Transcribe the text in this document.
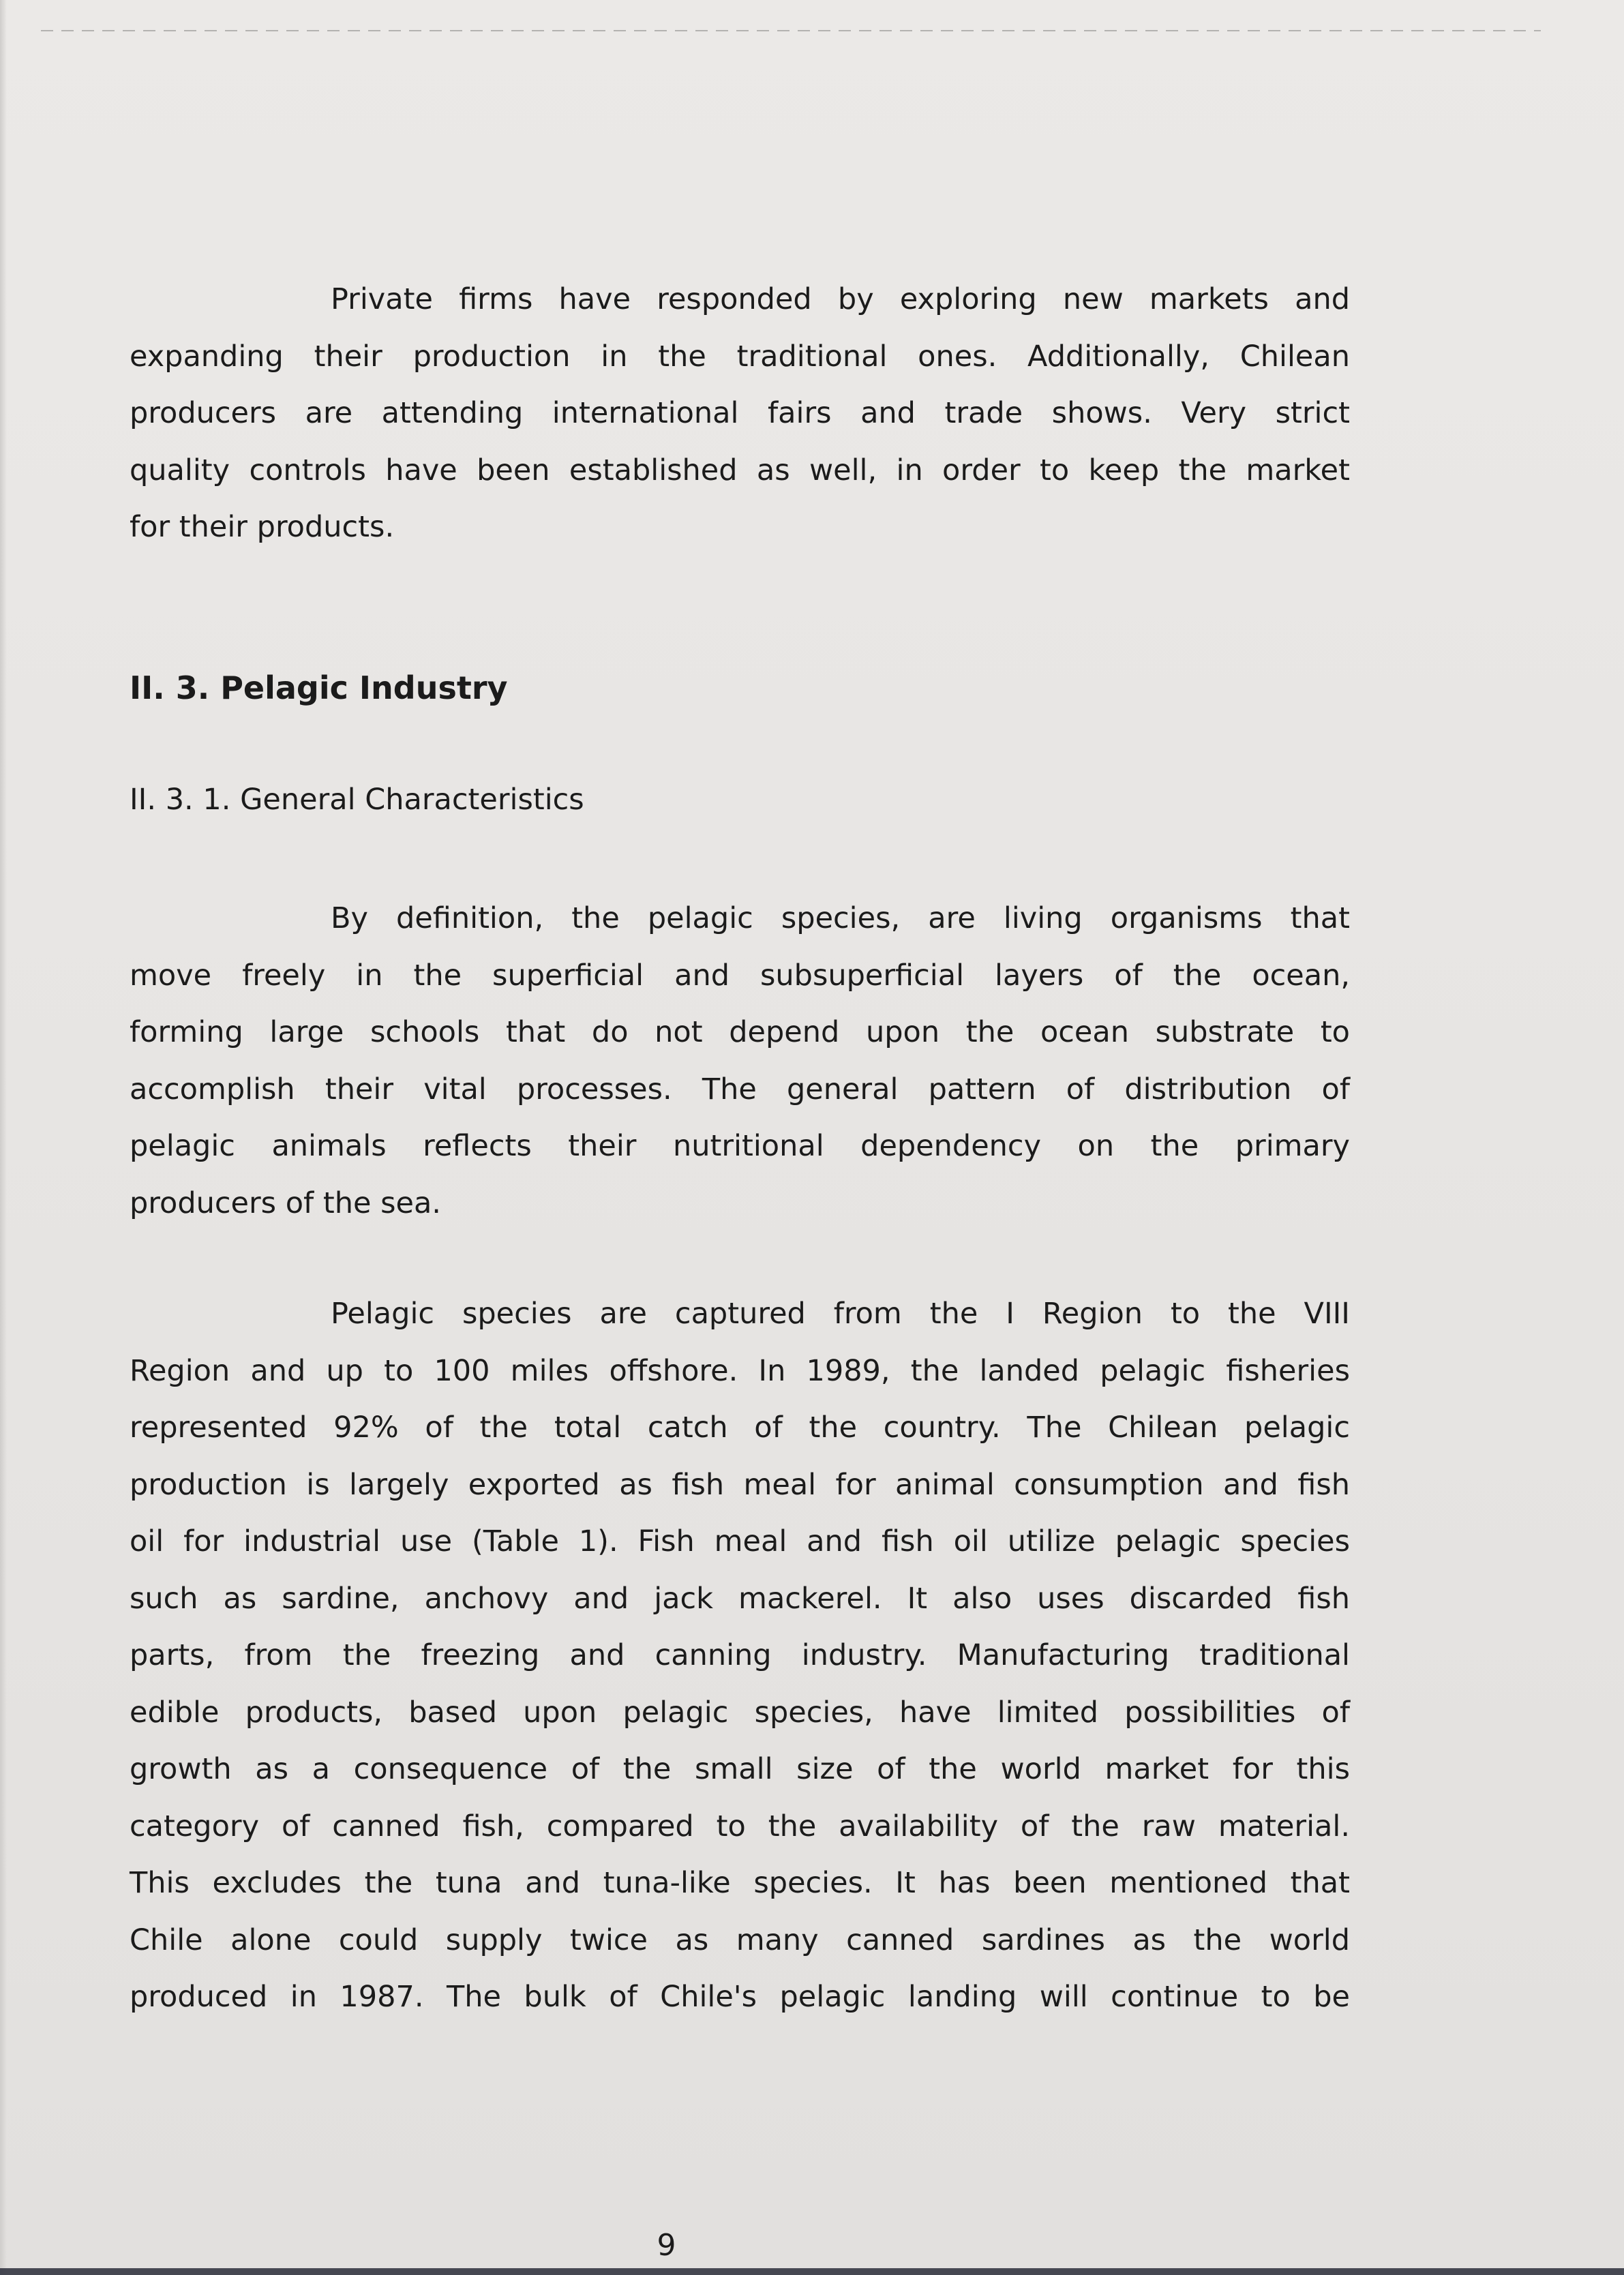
Private firms have responded by exploring new markets and
expanding their production in the traditional ones. Additionally, Chilean
producers are attending international fairs and trade shows. Very strict
quality controls have been established as well, in order to keep the market
for their products.

II. 3. Pelagic Industry
II. 3. 1. General Characteristics

By definition, the pelagic species, are living organisms that
move freely in the superficial and subsuperficial layers of the ocean,
forming large schools that do not depend upon the ocean substrate to
accomplish their vital processes. The general pattern of distribution of
pelagic animals reflects their nutritional dependency on the primary
producers of the sea.

Pelagic species are captured from the I Region to the VIII
Region and up to 100 miles offshore. In 1989, the landed pelagic fisheries
represented 92% of the total catch of the country. The Chilean pelagic
production is largely exported as fish meal for animal consumption and fish
oil for industrial use (Table 1). Fish meal and fish oil utilize pelagic species
such as sardine, anchovy and jack mackerel. It also uses discarded fish
parts, from the freezing and canning industry. Manufacturing traditional
edible products, based upon pelagic species, have limited possibilities of
growth as a consequence of the small size of the world market for this
category of canned fish, compared to the availability of the raw material.
This excludes the tuna and tuna-like species. It has been mentioned that
Chile alone could supply twice as many canned sardines as the world
produced in 1987. The bulk of Chile's pelagic landing will continue to be

9
